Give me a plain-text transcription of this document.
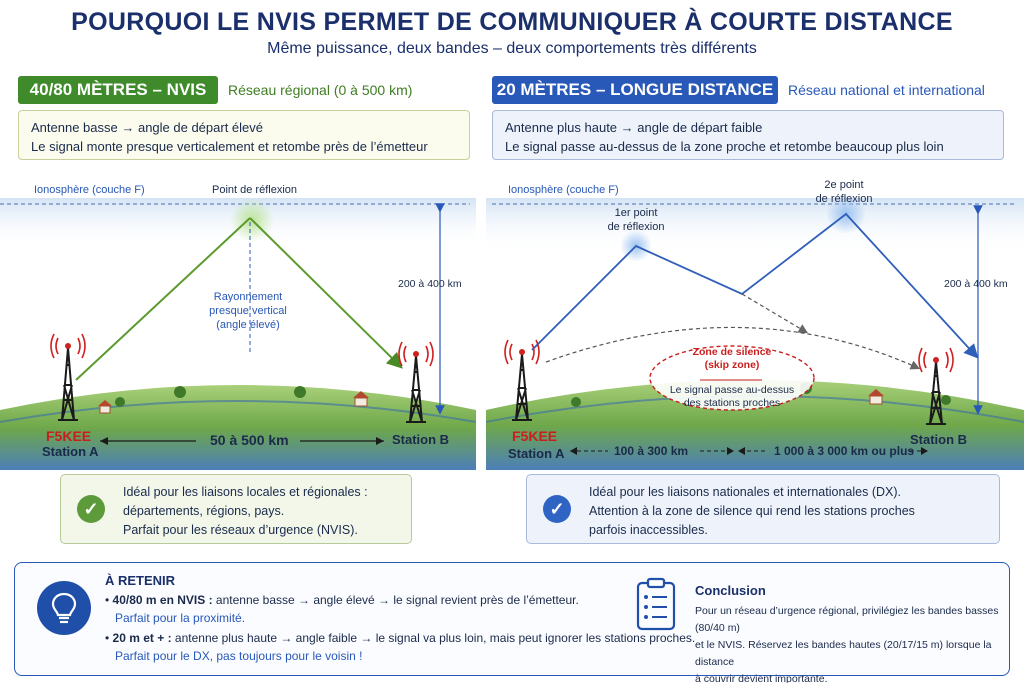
POURQUOI LE NVIS PERMET DE COMMUNIQUER À COURTE DISTANCE
Même puissance, deux bandes – deux comportements très différents
40/80 MÈTRES – NVIS	Réseau régional (0 à 500 km)	20 MÈTRES – LONGUE DISTANCE	Réseau national et international
Antenne basse → angle de départ élevé
Le signal monte presque verticalement et retombe près de l’émetteur
Antenne plus haute → angle de départ faible
Le signal passe au-dessus de la zone proche et retombe beaucoup plus loin
Ionosphère (couche F)	Point de réflexion
Rayonnement
presque vertical
(angle élevé)
200 à 400 km
F5KEE
Station A
Station B
50 à 500 km
Ionosphère (couche F)
1er point
de réflexion
2e point
de réflexion
200 à 400 km
Zone de silence
(skip zone)
Le signal passe au-dessus
des stations proches
F5KEE
Station A
Station B
100 à 300 km	1 000 à 3 000 km ou plus
✓
Idéal pour les liaisons locales et régionales :
départements, régions, pays.
Parfait pour les réseaux d’urgence (NVIS).
✓
Idéal pour les liaisons nationales et internationales (DX).
Attention à la zone de silence qui rend les stations proches
parfois inaccessibles.
À RETENIR
• 40/80 m en NVIS : antenne basse → angle élevé → le signal revient près de l’émetteur.
Parfait pour la proximité.
• 20 m et + : antenne plus haute → angle faible → le signal va plus loin, mais peut ignorer les stations proches.
Parfait pour le DX, pas toujours pour le voisin !
Conclusion
Pour un réseau d’urgence régional, privilégiez les bandes basses (80/40 m)
et le NVIS. Réservez les bandes hautes (20/17/15 m) lorsque la distance
à couvrir devient importante.
